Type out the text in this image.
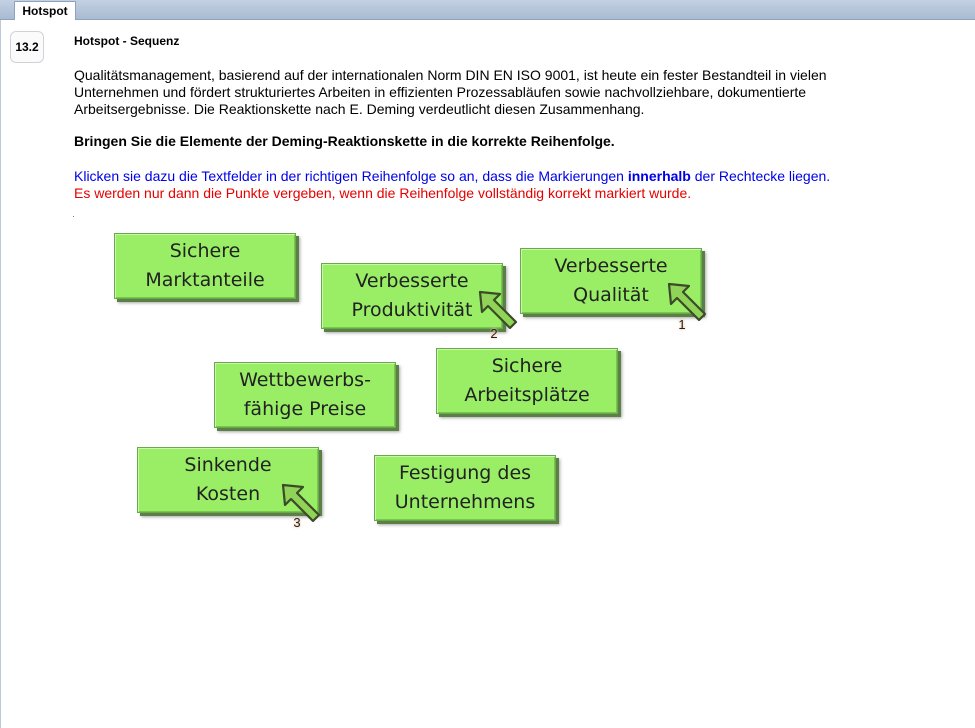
Hotspot
13.2	Hotspot - Sequenz
Qualitätsmanagement, basierend auf der internationalen Norm DIN EN ISO 9001, ist heute ein fester Bestandteil in vielen
Unternehmen und fördert strukturiertes Arbeiten in effizienten Prozessabläufen sowie nachvollziehbare, dokumentierte
Arbeitsergebnisse. Die Reaktionskette nach E. Deming verdeutlicht diesen Zusammenhang.
Bringen Sie die Elemente der Deming-Reaktionskette in die korrekte Reihenfolge.
Klicken sie dazu die Textfelder in der richtigen Reihenfolge so an, dass die Markierungen innerhalb der Rechtecke liegen.
Es werden nur dann die Punkte vergeben, wenn die Reihenfolge vollständig korrekt markiert wurde.
Sichere
Marktanteile	Verbesserte
Produktivität
Verbesserte
Qualität
Wettbewerbs-
fähige Preise
Sichere
Arbeitsplätze
Sinkende
Kosten
Festigung des
Unternehmens
2
1
3
